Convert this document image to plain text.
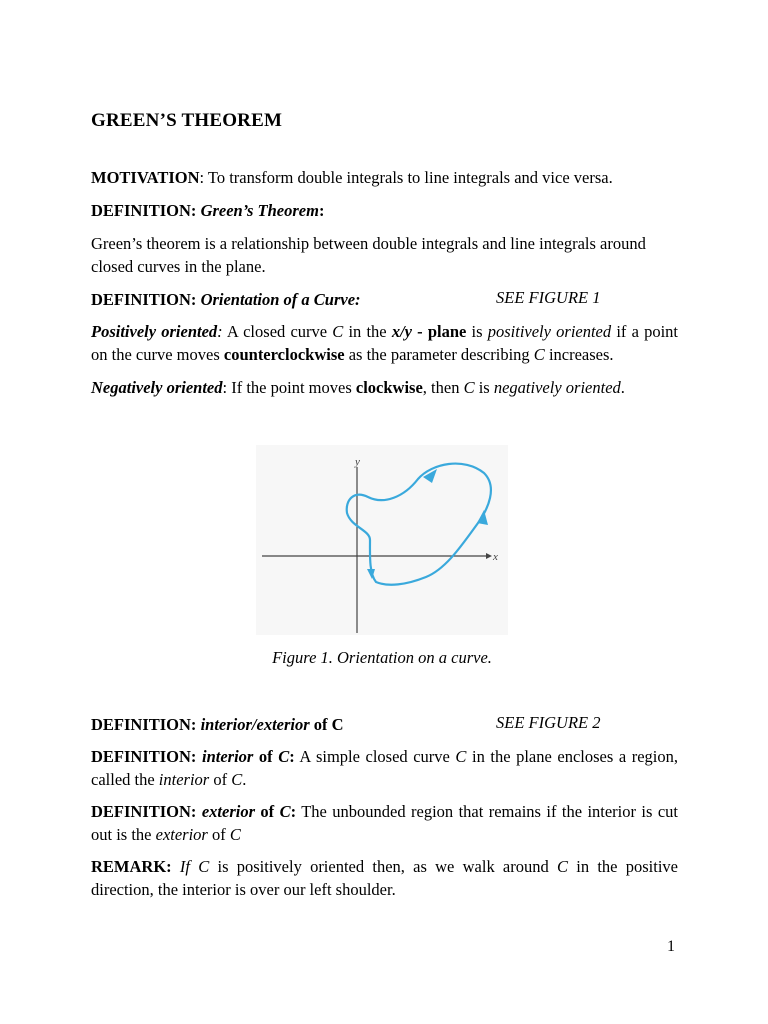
GREEN’S THEOREM
MOTIVATION: To transform double integrals to line integrals and vice versa.
DEFINITION: Green’s Theorem:
Green’s theorem is a relationship between double integrals and line integrals around closed curves in the plane.
DEFINITION: Orientation of a Curve:	SEE FIGURE 1
Positively oriented: A closed curve C in the x/y - plane is positively oriented if a point on the curve moves counterclockwise as the parameter describing C increases.
Negatively oriented: If the point moves clockwise, then C is negatively oriented.
x
y
Figure 1. Orientation on a curve.
DEFINITION: interior/exterior of C	SEE FIGURE 2
DEFINITION: interior of C: A simple closed curve C in the plane encloses a region, called the interior of C.
DEFINITION: exterior of C: The unbounded region that remains if the interior is cut out is the exterior of C
REMARK: If C is positively oriented then, as we walk around C in the positive direction, the interior is over our left shoulder.
1
